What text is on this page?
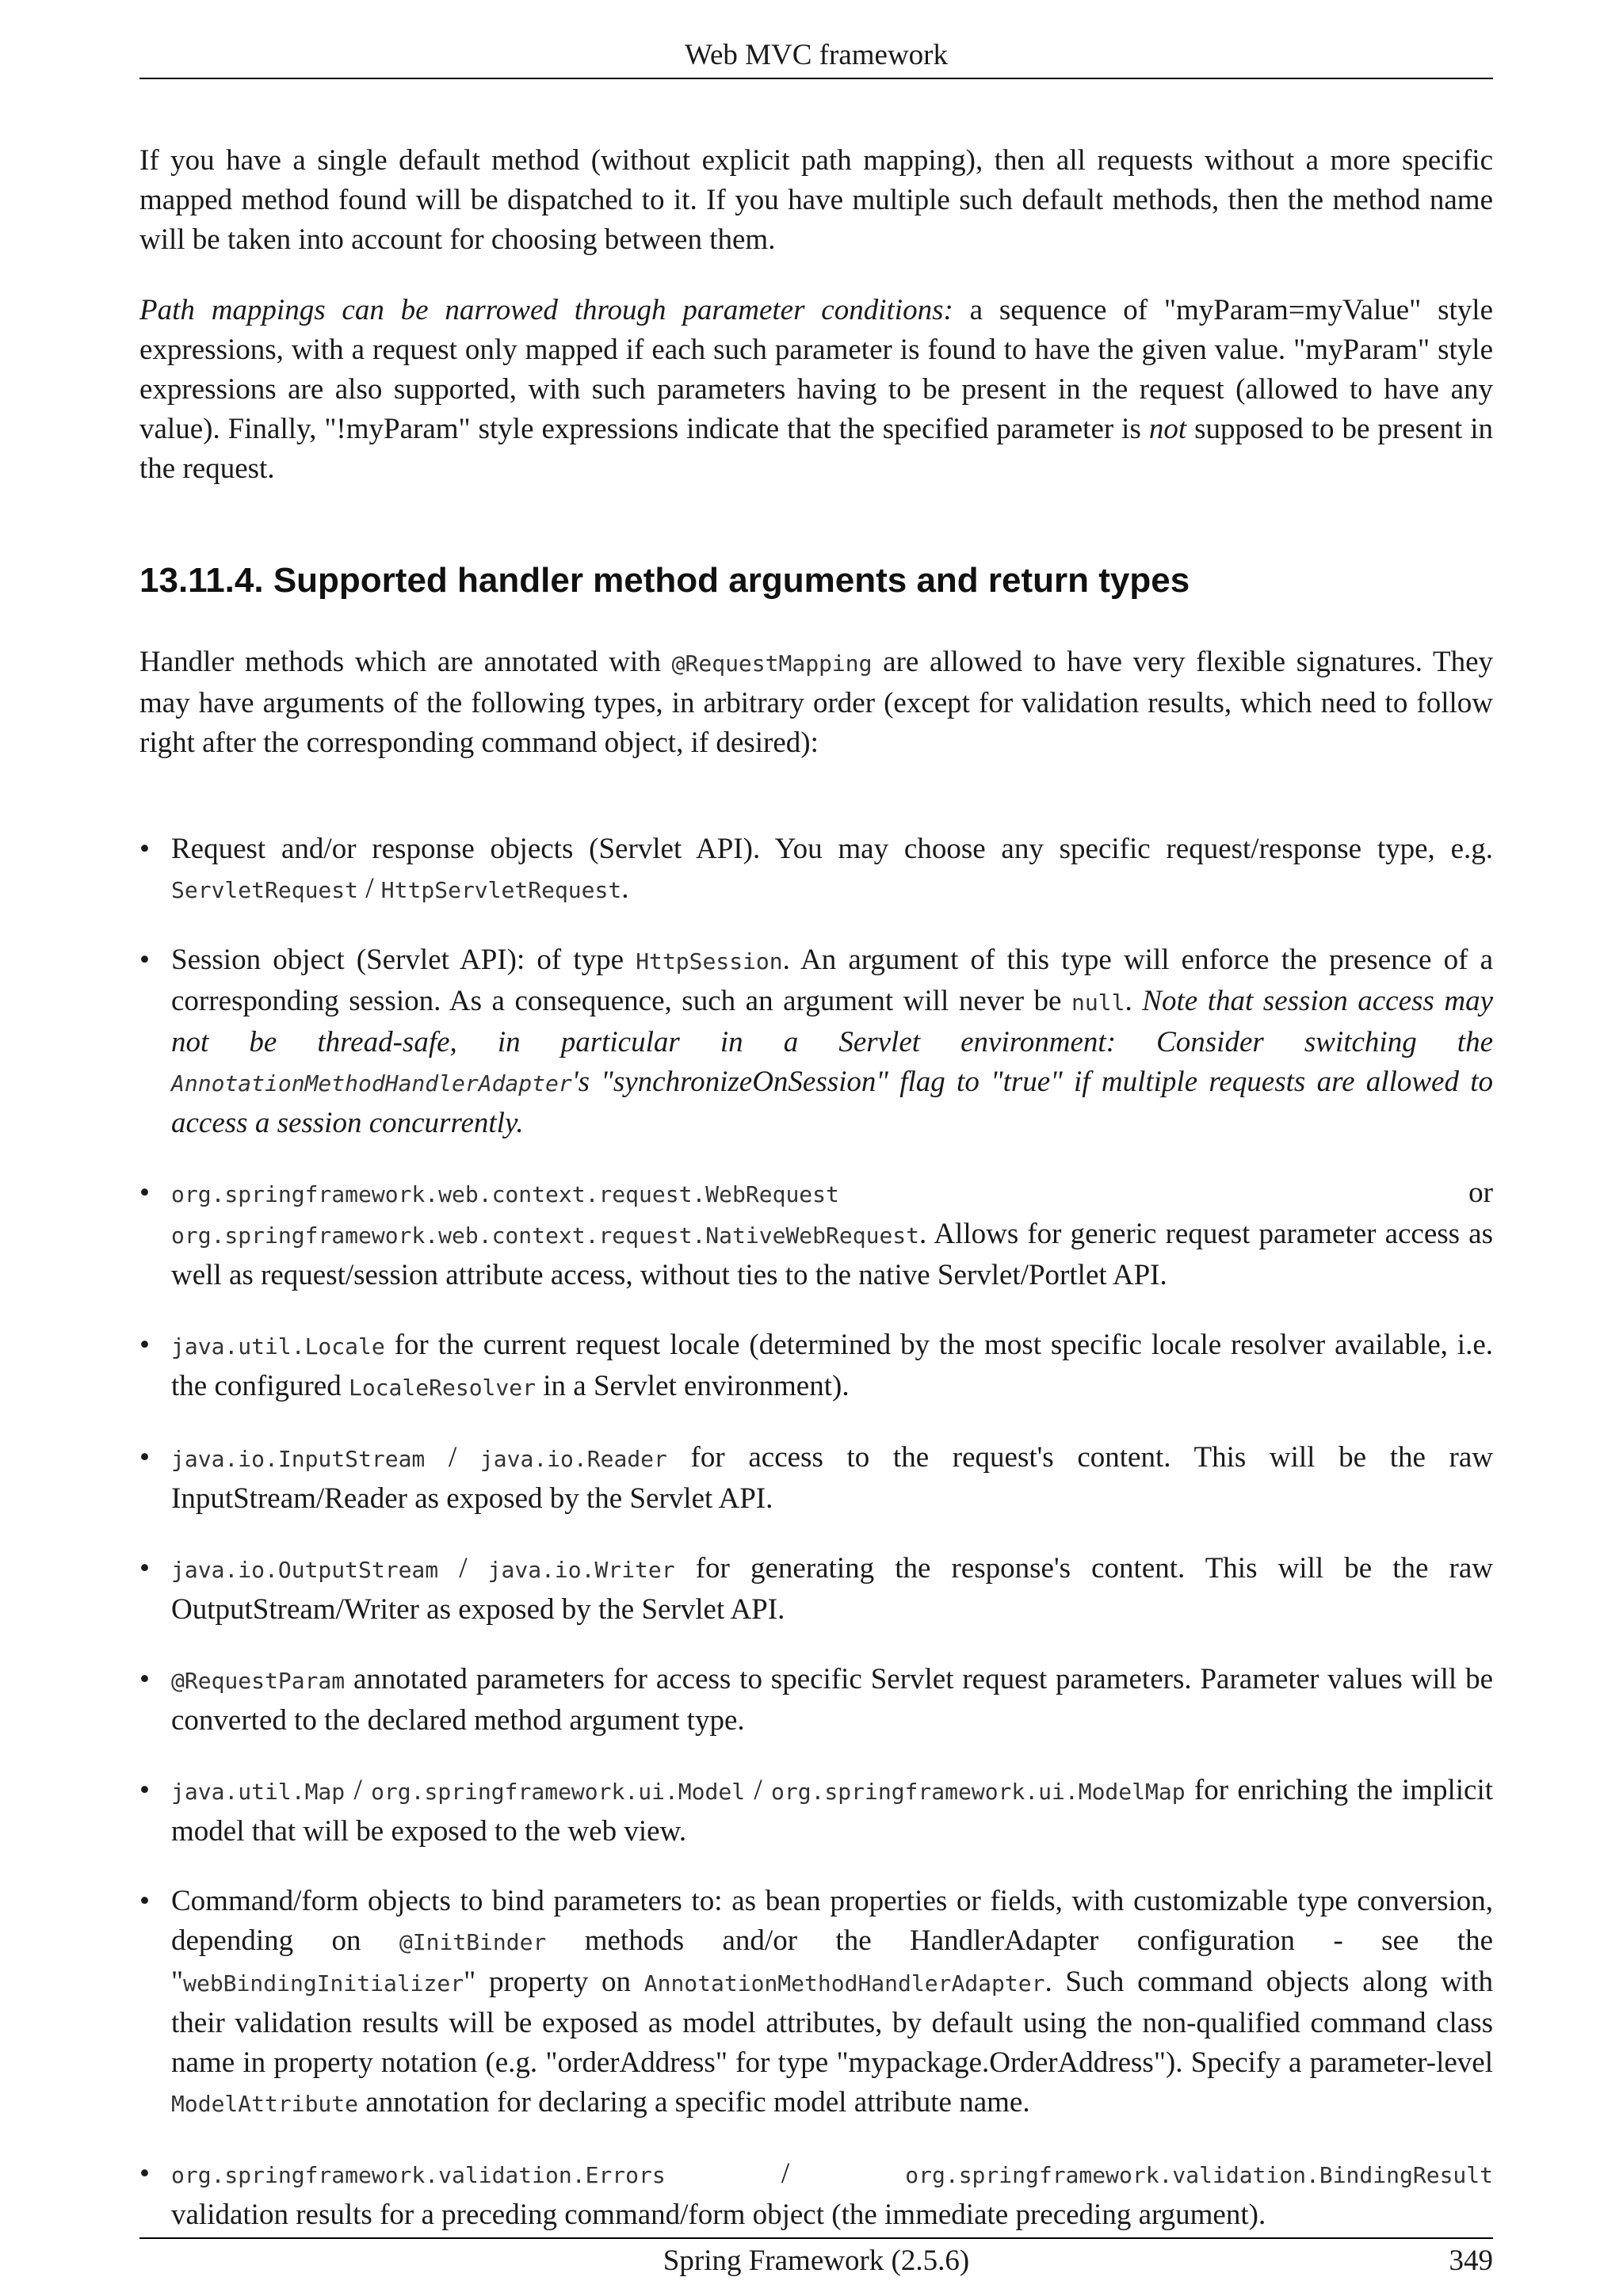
Web MVC framework

If you have a single default method (without explicit path mapping), then all requests without a more specific mapped method found will be dispatched to it. If you have multiple such default methods, then the method name will be taken into account for choosing between them.

Path mappings can be narrowed through parameter conditions: a sequence of "myParam=myValue" style expressions, with a request only mapped if each such parameter is found to have the given value. "myParam" style expressions are also supported, with such parameters having to be present in the request (allowed to have any value). Finally, "!myParam" style expressions indicate that the specified parameter is not supposed to be present in the request.

13.11.4. Supported handler method arguments and return types

Handler methods which are annotated with @RequestMapping are allowed to have very flexible signatures. They may have arguments of the following types, in arbitrary order (except for validation results, which need to follow right after the corresponding command object, if desired):

• Request and/or response objects (Servlet API). You may choose any specific request/response type, e.g. ServletRequest / HttpServletRequest.
• Session object (Servlet API): of type HttpSession. An argument of this type will enforce the presence of a corresponding session. As a consequence, such an argument will never be null. Note that session access may not be thread-safe, in particular in a Servlet environment: Consider switching the AnnotationMethodHandlerAdapter's "synchronizeOnSession" flag to "true" if multiple requests are allowed to access a session concurrently.
• org.springframework.web.context.request.WebRequest	or
org.springframework.web.context.request.NativeWebRequest. Allows for generic request parameter access as well as request/session attribute access, without ties to the native Servlet/Portlet API.
• java.util.Locale for the current request locale (determined by the most specific locale resolver available, i.e. the configured LocaleResolver in a Servlet environment).
• java.io.InputStream / java.io.Reader for access to the request's content. This will be the raw InputStream/Reader as exposed by the Servlet API.
• java.io.OutputStream / java.io.Writer for generating the response's content. This will be the raw OutputStream/Writer as exposed by the Servlet API.
• @RequestParam annotated parameters for access to specific Servlet request parameters. Parameter values will be converted to the declared method argument type.
• java.util.Map / org.springframework.ui.Model / org.springframework.ui.ModelMap for enriching the implicit model that will be exposed to the web view.
• Command/form objects to bind parameters to: as bean properties or fields, with customizable type conversion, depending on @InitBinder methods and/or the HandlerAdapter configuration - see the "webBindingInitializer" property on AnnotationMethodHandlerAdapter. Such command objects along with their validation results will be exposed as model attributes, by default using the non-qualified command class name in property notation (e.g. "orderAddress" for type "mypackage.OrderAddress"). Specify a parameter-level ModelAttribute annotation for declaring a specific model attribute name.
• org.springframework.validation.Errors	/	org.springframework.validation.BindingResult
validation results for a preceding command/form object (the immediate preceding argument).
Spring Framework (2.5.6)	349
